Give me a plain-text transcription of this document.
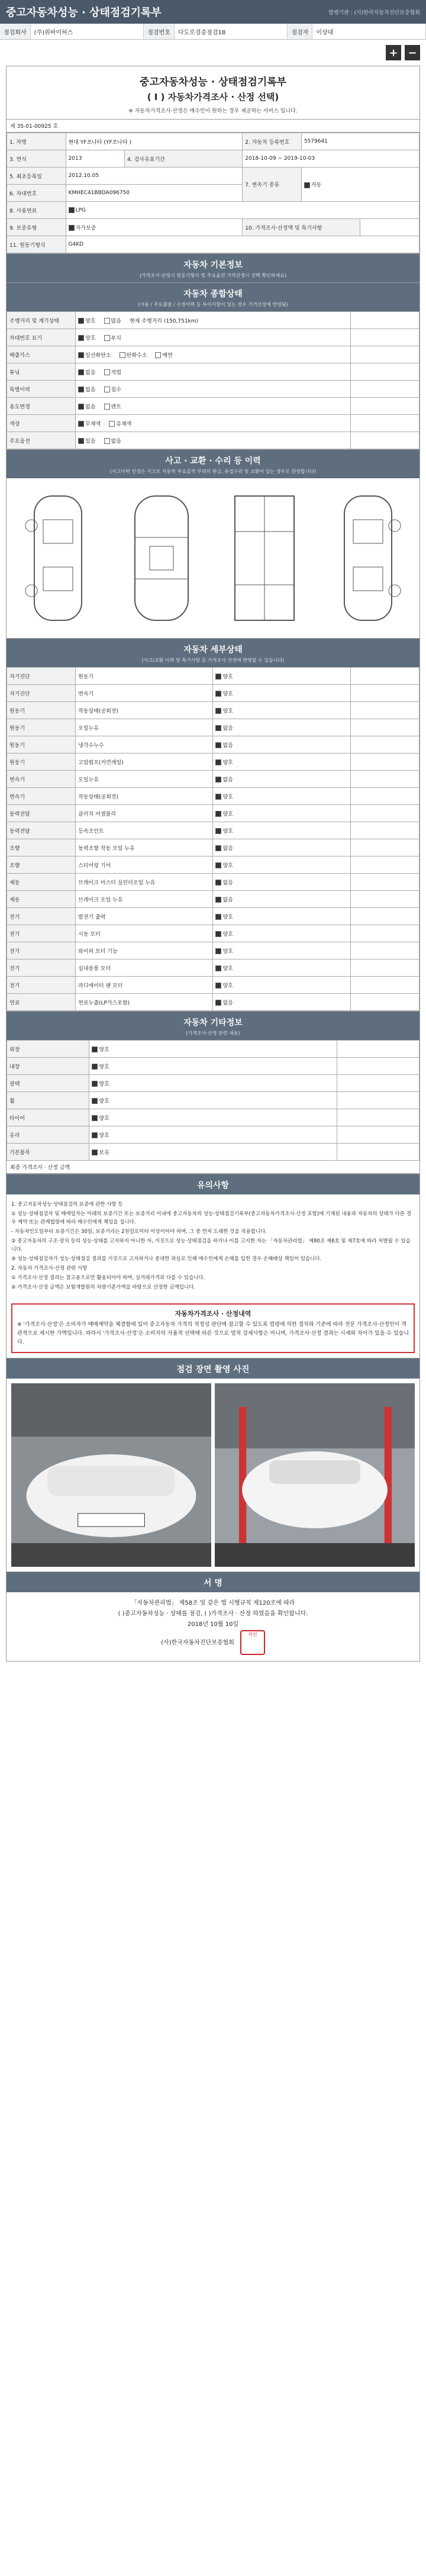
중고자동차성능 · 상태점검기록부	발행기관 : (사)한국자동차진단보증협회
점검회사	(주)위바이허스	점검번호	다도로검증점검18	점검자	이상대
+ −
중고자동차성능 · 상태점검기록부
( I ) 자동차가격조사 · 산정 선택)
※ 자동차가격조사·산정은 매수인이 원하는 경우 제공하는 서비스 입니다.
제 35-01-00925 호
1. 차명	현대 YF쏘나타 (YF쏘나타 )		2. 자동차 등록번호	5579641	
3. 연식	2013	4. 검사유효기간	2018-10-09 ~ 2019-10-03		
5. 최초등록일	2012.10.05		7. 변속기 종류	자동	
6. 차대번호	KMHEC41BBDA096750				
8. 사용연료	LPG				
9. 보증유형	자가보증		10. 가격조사·산정액 및 특기사항		
11. 원동기형식	G4KD				
자동차 기본정보
(가격조사·산정시 원동기형식 및 주요옵션 가격산정시 선택 확인하세요)
자동차 종합상태
(사용 / 주요불량 / 수정이력 등 특이사항이 있는 경우 가격산정에 반영됨)
주행거리 및 계기상태	양호 많음 현재 주행거리 (150,751km)	
차대번호 표기	양호 부식	
배출가스	일산화탄소 탄화수소 매연	
튜닝	없음 적법	
특별이력	없음 침수	
용도변경	없음 렌트	
색상	무채색 유채색	
주요옵션	있음 없음	
사고 · 교환 · 수리 등 이력
(사고이력 인정은 사고로 자동차 주요골격 부위의 판금, 용접수리 및 교환이 있는 경우로 한정합니다)
자동차 세부상태
(사고/교환 이력 및 특기사항 등 가격조사 산정에 반영될 수 있습니다)
자기진단	원동기	양호	
자기진단	변속기	양호	
원동기	작동상태(공회전)	양호	
원동기	오일누유	없음	
원동기	냉각수누수	없음	
원동기	고압펌프(커먼레일)	양호	
변속기	오일누유	없음	
변속기	작동상태(공회전)	양호	
동력전달	클러치 어셈블리	양호	
동력전달	등속조인트	양호	
조향	동력조향 작동 오일 누유	없음	
조향	스티어링 기어	양호	
제동	브레이크 마스터 실린더오일 누유	없음	
제동	브레이크 오일 누유	없음	
전기	발전기 출력	양호	
전기	시동 모터	양호	
전기	와이퍼 모터 기능	양호	
전기	실내송풍 모터	양호	
전기	라디에이터 팬 모터	양호	
연료	연료누출(LP가스포함)	없음	
자동차 기타정보
(가격조사·산정 관련 내용)
외장	양호	
내장	양호	
광택	양호	
휠	양호	
타이어	양호	
유리	양호	
기본품목	보유	
최종 가격조사 · 산정 금액
유의사항

1. 중고자동차성능·상태점검의 보증에 관한 사항 등

① 성능·상태점검자 및 매매업자는 아래의 보증기간 또는 보증거리 이내에 중고자동차의 성능·상태점검기록부(중고자동차가격조사·산정 포함)에 기재된 내용과 자동차의 상태가 다른 경우 계약 또는 관계법령에 따라 매수인에게 책임을 집니다.

- 자동차인도일부터 보증기간은 30일, 보증거리는 2천킬로미터 이상이어야 하며, 그 중 먼저 도래한 것을 적용합니다.

② 중고자동차의 구조·장치 등의 성능·상태를 고지하지 아니한 자, 거짓으로 성능·상태점검을 하거나 이를 고지한 자는 「자동차관리법」 제80조 제6호 및 제7호에 따라 처벌될 수 있습니다.

③ 성능·상태점검자가 성능·상태점검 결과를 거짓으로 고지하거나 중대한 과실로 인해 매수인에게 손해를 입힌 경우 손해배상 책임이 있습니다.

2. 자동차 가격조사·산정 관련 사항

① 가격조사·산정 결과는 참고용으로만 활용되어야 하며, 실거래가격과 다를 수 있습니다.

② 가격조사·산정 금액은 보험개발원의 차량기준가액을 바탕으로 산정한 금액입니다.

자동차가격조사 · 산정내역
※ '가격조사·산정'은 소비자가 매매계약을 체결함에 있어 중고자동차 가격의 적정성 판단에 참고할 수 있도록 법령에 의한 절차와 기준에 따라 전문 가격조사·산정인이 객관적으로 제시한 가액입니다. 따라서 '가격조사·산정'은 소비자의 자율적 선택에 따른 것으로 법적 강제사항은 아니며, 가격조사·산정 결과는 시세와 차이가 있을 수 있습니다.
점검 장면 촬영 사진
서 명
「자동차관리법」 제58조 및 같은 법 시행규칙 제120조에 따라
( )중고자동차성능 · 상태를 점검, ( )가격조사 · 산정 하였음을 확인합니다.
2018년 10월 10일
(사)한국자동차진단보증협회직인
